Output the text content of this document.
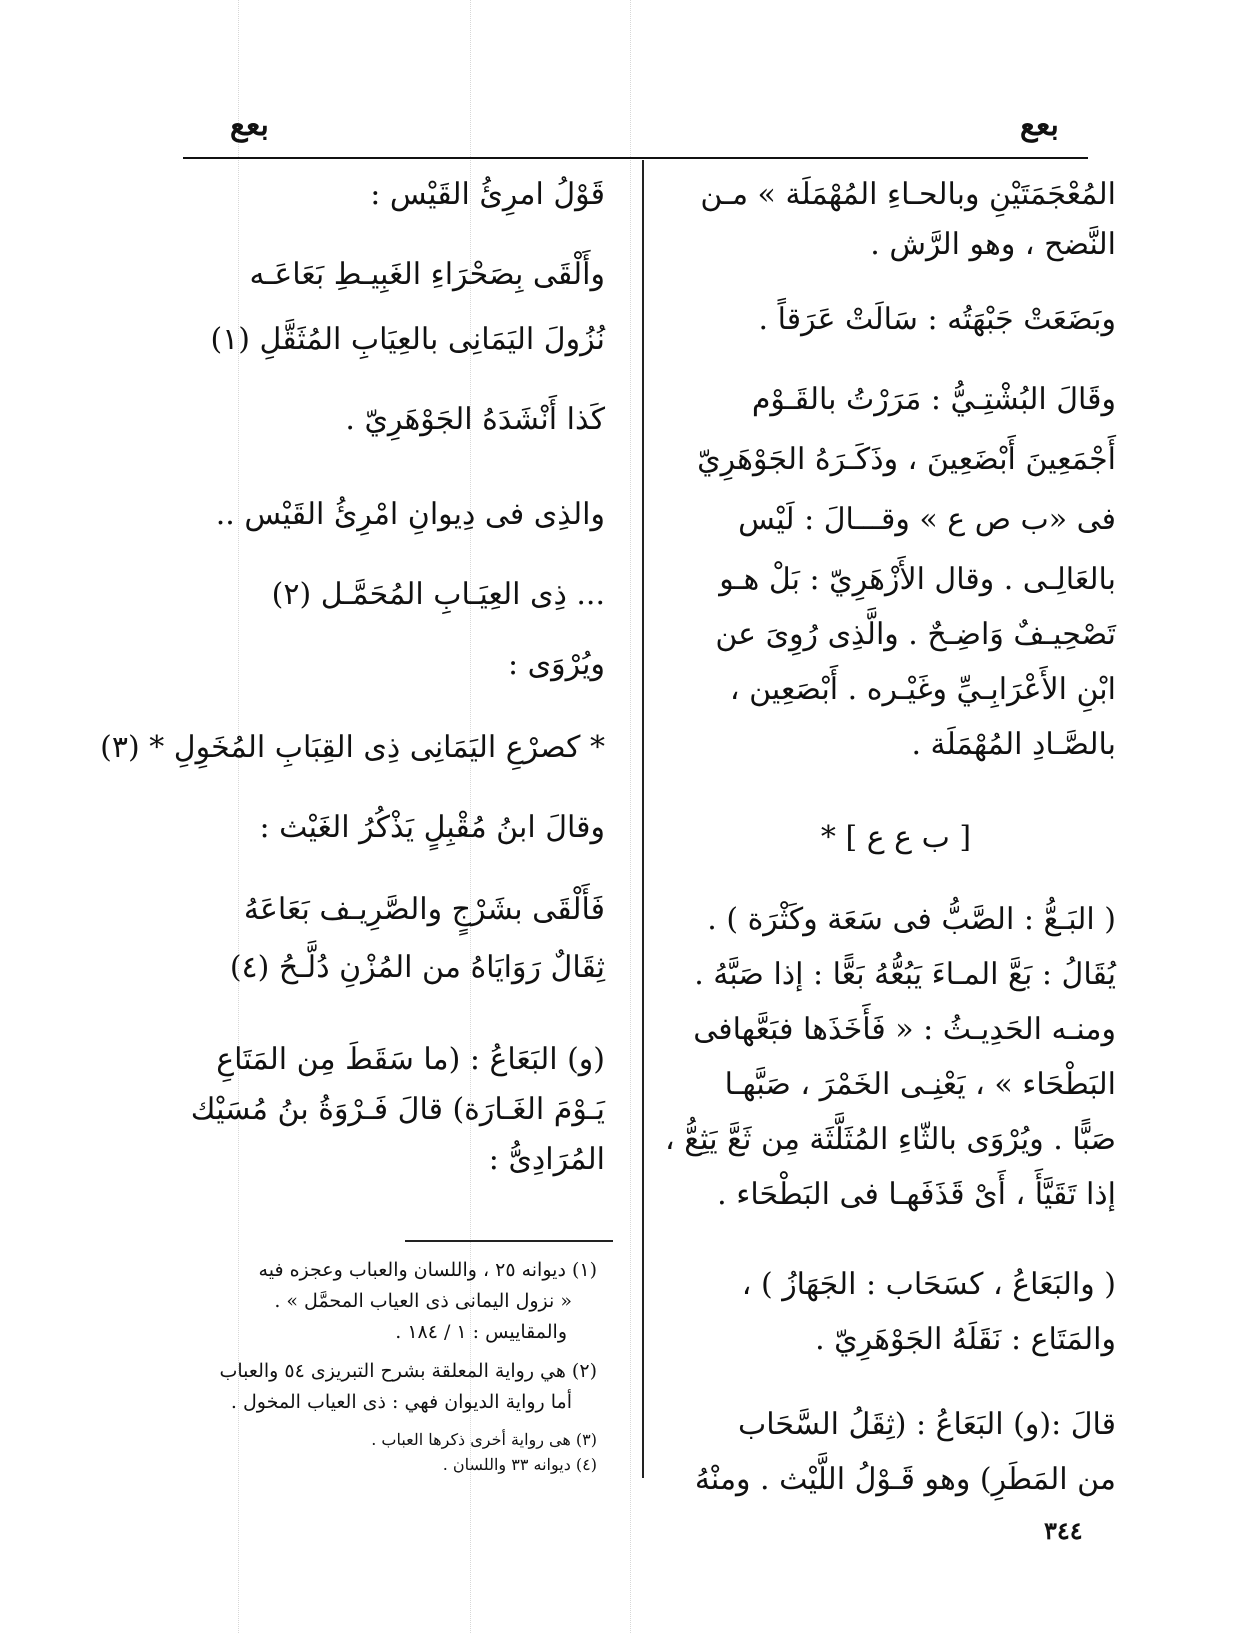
بعع
بعع
المُعْجَمَتَيْنِ وبالحـاءِ المُهْمَلَة » مـن
النَّضح ، وهو الرَّش .
وبَضَعَتْ جَبْهَتُه : سَالَتْ عَرَقاً .
وقَالَ البُشْتِـيُّ : مَرَرْتُ بالقَـوْم
أَجْمَعِينَ أَبْضَعِينَ ، وذَكَـرَهُ الجَوْهَرِيّ
فى «ب ص ع » وقـــالَ : لَيْس
بالعَالِـى . وقال الأَزْهَرِيّ : بَلْ هـو
تَصْحِيـفٌ وَاضِـحٌ . والَّذِى رُوِىَ عن
ابْنِ الأَعْرَابِـيِّ وغَيْـره . أَبْصَعِين ،
بالصَّـادِ المُهْمَلَة .
[ ب ع ع ] *
( البَـعُّ : الصَّبُّ فى سَعَة وكَثْرَة ) .
يُقَالُ : بَعَّ المـاءَ يَبُعُّهُ بَعًّا : إذا صَبَّهُ .
ومنـه الحَدِيـثُ : « فَأَخَذَها فبَعَّهافى
البَطْحَاء » ، يَعْنِـى الخَمْرَ ، صَبَّهـا
صَبًّا . ويُرْوَى بالثّاءِ المُثَلَّثَة مِن ثَعَّ يَثِعُّ ،
إذا تَقَيَّأَ ، أَىْ قَذَفَهـا فى البَطْحَاء .
( والبَعَاعُ ، كسَحَاب : الجَهَازُ ) ،
والمَتَاع : نَقَلَهُ الجَوْهَرِيّ .
قالَ :(و) البَعَاعُ : (ثِقَلُ السَّحَاب
من المَطَرِ) وهو قَـوْلُ اللَّيْث . ومنْهُ
قَوْلُ امرِئُ القَيْس :
وأَلْقَى بِصَحْرَاءِ الغَبِيـطِ بَعَاعَـه
نُزُولَ اليَمَانِى بالعِيَابِ المُثَقَّلِ (١)
كَذا أَنْشَدَهُ الجَوْهَرِيّ .
والذِى فى دِيوانِ امْرِئُ القَيْس ..
... ذِى العِيَـابِ المُحَمَّـل (٢)
ويُرْوَى :
* كصرْعِ اليَمَانِى ذِى القِبَابِ المُخَوِلِ * (٣)
وقالَ ابنُ مُقْبِلٍ يَذْكُرُ الغَيْث :
فَأَلْقَى بشَرْجٍ والصَّرِيـف بَعَاعَهُ
ثِقَالٌ رَوَايَاهُ من المُزْنِ دُلَّـحُ (٤)
(و) البَعَاعُ : (ما سَقَطَ مِن المَتَاعِ
يَـوْمَ الغَـارَة) قالَ فَـرْوَةُ بنُ مُسَيْك
المُرَادِىُّ :
(١) ديوانه ٢٥ ، واللسان والعباب وعجزه فيه
« نزول اليمانى ذى العياب المحمَّل » .
والمقاييس : ١ / ١٨٤ .
(٢) هي رواية المعلقة بشرح التبريزى ٥٤ والعباب
أما رواية الديوان فهي : ذى العياب المخول .
(٣) هى رواية أخرى ذكرها العباب .
(٤) ديوانه ٣٣ واللسان .
٣٤٤
